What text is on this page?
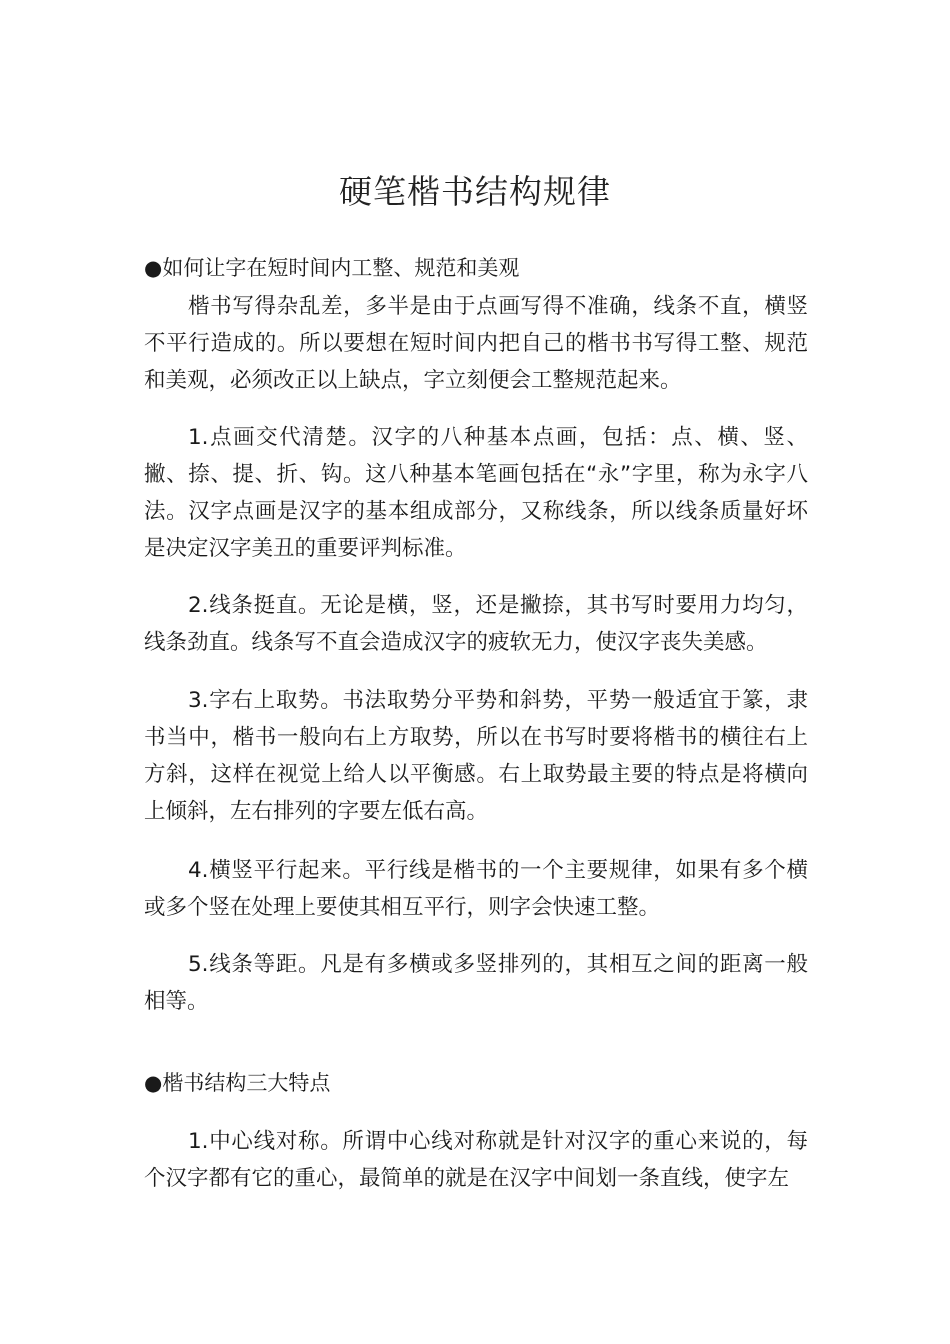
硬笔楷书结构规律
●如何让字在短时间内工整、规范和美观

楷书写得杂乱差，多半是由于点画写得不准确，线条不直，横竖不平行造成的。所以要想在短时间内把自己的楷书书写得工整、规范和美观，必须改正以上缺点，字立刻便会工整规范起来。

1.点画交代清楚。汉字的八种基本点画，包括：点、横、竖、撇、捺、提、折、钩。这八种基本笔画包括在“永”字里，称为永字八法。汉字点画是汉字的基本组成部分，又称线条，所以线条质量好坏是决定汉字美丑的重要评判标准。

2.线条挺直。无论是横，竖，还是撇捺，其书写时要用力均匀，线条劲直。线条写不直会造成汉字的疲软无力，使汉字丧失美感。

3.字右上取势。书法取势分平势和斜势，平势一般适宜于篆，隶书当中，楷书一般向右上方取势，所以在书写时要将楷书的横往右上方斜，这样在视觉上给人以平衡感。右上取势最主要的特点是将横向上倾斜，左右排列的字要左低右高。

4.横竖平行起来。平行线是楷书的一个主要规律，如果有多个横或多个竖在处理上要使其相互平行，则字会快速工整。

5.线条等距。凡是有多横或多竖排列的，其相互之间的距离一般相等。

●楷书结构三大特点

1.中心线对称。所谓中心线对称就是针对汉字的重心来说的，每个汉字都有它的重心，最简单的就是在汉字中间划一条直线，使字左
